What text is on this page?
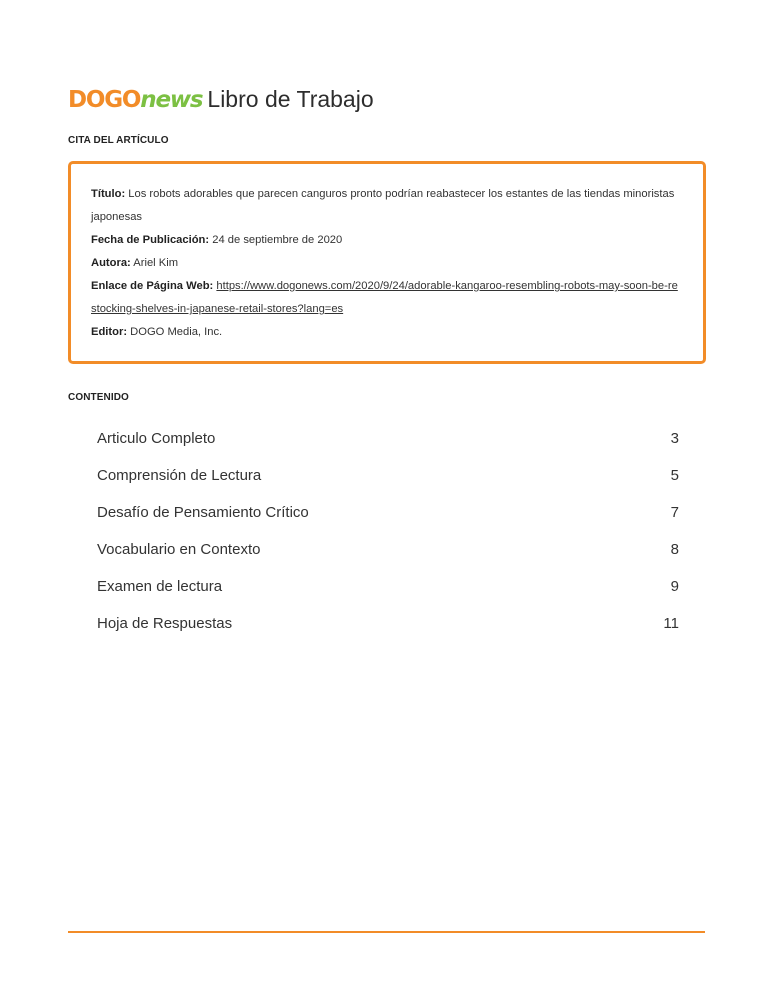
DOGO news Libro de Trabajo
CITA DEL ARTÍCULO

Título: Los robots adorables que parecen canguros pronto podrían reabastecer los estantes de las tiendas minoristas japonesas

Fecha de Publicación: 24 de septiembre de 2020

Autora: Ariel Kim

Enlace de Página Web: https://www.dogonews.com/2020/9/24/adorable-kangaroo-resembling-robots-may-soon-be-restocking-shelves-in-japanese-retail-stores?lang=es

Editor: DOGO Media, Inc.

CONTENIDO
Articulo Completo	3
Comprensión de Lectura	5
Desafío de Pensamiento Crítico	7
Vocabulario en Contexto	8
Examen de lectura	9
Hoja de Respuestas	11
